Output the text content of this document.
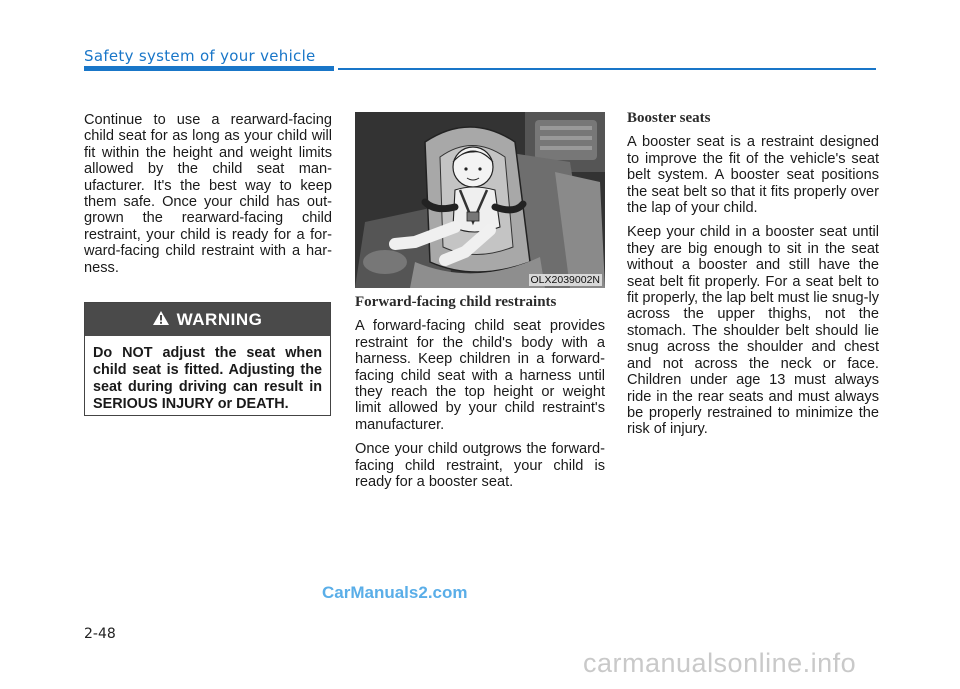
Safety system of your vehicle

Continue to use a rearward-facing child seat for as long as your child will fit within the height and weight limits allowed by the child seat man-ufacturer. It's the best way to keep them safe. Once your child has out-grown the rearward-facing child restraint, your child is ready for a for-ward-facing child restraint with a har-ness.

WARNING
Do NOT adjust the seat when child seat is fitted. Adjusting the seat during driving can result in SERIOUS INJURY or DEATH.
OLX2039002N
Forward-facing child restraints

A forward-facing child seat provides restraint for the child's body with a harness. Keep children in a forward-facing child seat with a harness until they reach the top height or weight limit allowed by your child restraint's manufacturer.

Once your child outgrows the forward-facing child restraint, your child is ready for a booster seat.

Booster seats

A booster seat is a restraint designed to improve the fit of the vehicle's seat belt system. A booster seat positions the seat belt so that it fits properly over the lap of your child.

Keep your child in a booster seat until they are big enough to sit in the seat without a booster and still have the seat belt fit properly. For a seat belt to fit properly, the lap belt must lie snug-ly across the upper thighs, not the stomach. The shoulder belt should lie snug across the shoulder and chest and not across the neck or face. Children under age 13 must always ride in the rear seats and must always be properly restrained to minimize the risk of injury.

CarManuals2.com
2-48
carmanualsonline.info
